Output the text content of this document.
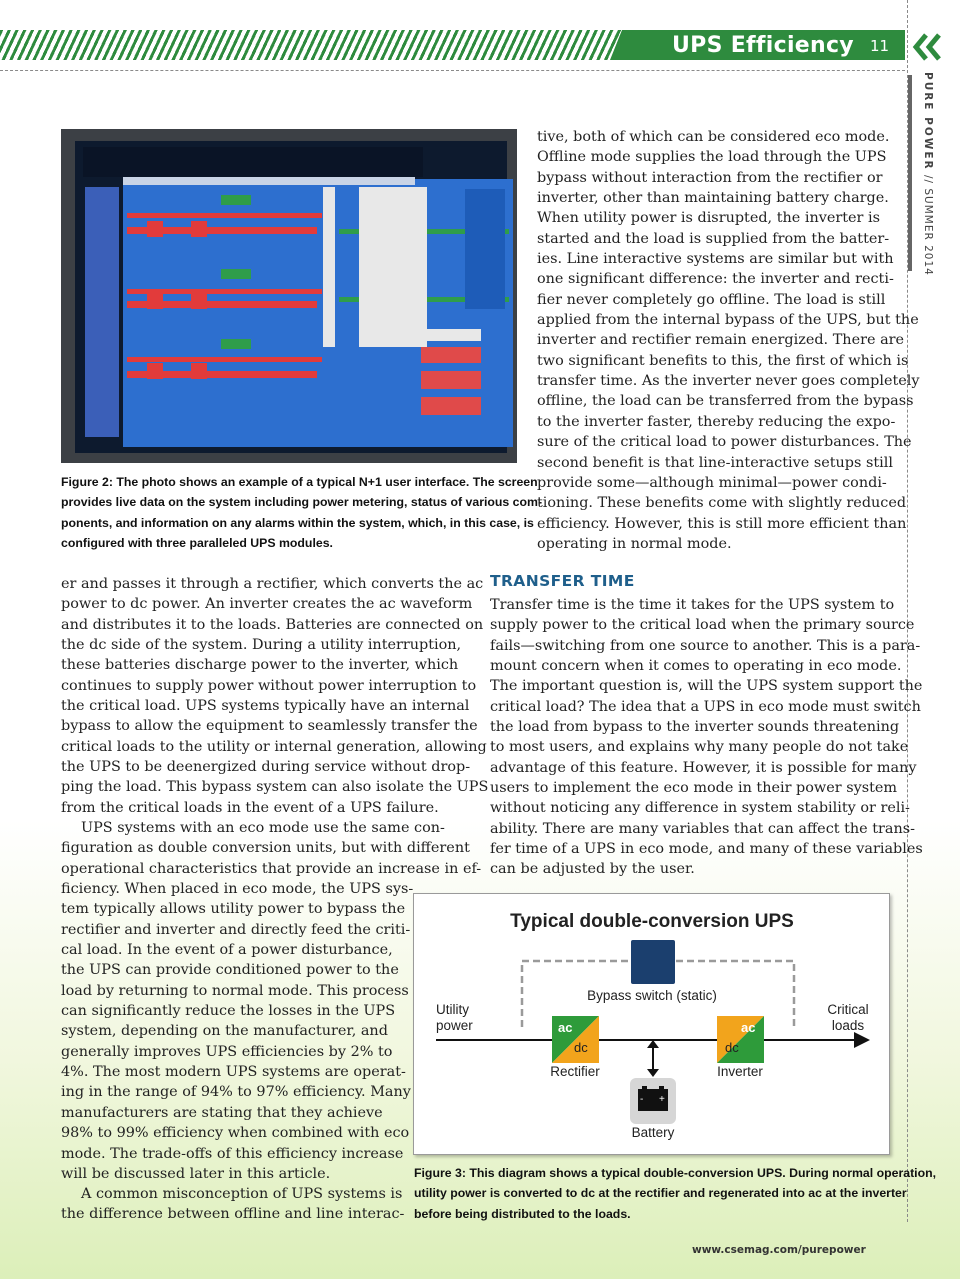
UPS Efficiency 11
PURE POWER // SUMMER 2014
Figure 2: The photo shows an example of a typical N+1 user interface. The screen
provides live data on the system including power metering, status of various com-
ponents, and information on any alarms within the system, which, in this case, is
configured with three paralleled UPS modules.
tive, both of which can be considered eco mode.
Offline mode supplies the load through the UPS
bypass without interaction from the rectifier or
inverter, other than maintaining battery charge.
When utility power is disrupted, the inverter is
started and the load is supplied from the batter-
ies. Line interactive systems are similar but with
one significant difference: the inverter and recti-
fier never completely go offline. The load is still
applied from the internal bypass of the UPS, but the
inverter and rectifier remain energized. There are
two significant benefits to this, the first of which is
transfer time. As the inverter never goes completely
offline, the load can be transferred from the bypass
to the inverter faster, thereby reducing the expo-
sure of the critical load to power disturbances. The
second benefit is that line-interactive setups still
provide some—although minimal—power condi-
tioning. These benefits come with slightly reduced
efficiency. However, this is still more efficient than
operating in normal mode.
er and passes it through a rectifier, which converts the ac
power to dc power. An inverter creates the ac waveform
and distributes it to the loads. Batteries are connected on
the dc side of the system. During a utility interruption,
these batteries discharge power to the inverter, which
continues to supply power without power interruption to
the critical load. UPS systems typically have an internal
bypass to allow the equipment to seamlessly transfer the
critical loads to the utility or internal generation, allowing
the UPS to be deenergized during service without drop-
ping the load. This bypass system can also isolate the UPS
from the critical loads in the event of a UPS failure.
UPS systems with an eco mode use the same con-
figuration as double conversion units, but with different
operational characteristics that provide an increase in ef-
ficiency. When placed in eco mode, the UPS sys-
tem typically allows utility power to bypass the
rectifier and inverter and directly feed the criti-
cal load. In the event of a power disturbance,
the UPS can provide conditioned power to the
load by returning to normal mode. This process
can significantly reduce the losses in the UPS
system, depending on the manufacturer, and
generally improves UPS efficiencies by 2% to
4%. The most modern UPS systems are operat-
ing in the range of 94% to 97% efficiency. Many
manufacturers are stating that they achieve
98% to 99% efficiency when combined with eco
mode. The trade-offs of this efficiency increase
will be discussed later in this article.
A common misconception of UPS systems is
the difference between offline and line interac-
TRANSFER TIME
Transfer time is the time it takes for the UPS system to
supply power to the critical load when the primary source
fails—switching from one source to another. This is a para-
mount concern when it comes to operating in eco mode.
The important question is, will the UPS system support the
critical load? The idea that a UPS in eco mode must switch
the load from bypass to the inverter sounds threatening
to most users, and explains why many people do not take
advantage of this feature. However, it is possible for many
users to implement the eco mode in their power system
without noticing any difference in system stability or reli-
ability. There are many variables that can affect the trans-
fer time of a UPS in eco mode, and many of these variables
can be adjusted by the user.
Typical double-conversion UPS
Bypass switch (static)
Utility
power
Critical
loads
ac
dc
Rectifier
ac
dc
Inverter
- +
Battery
Figure 3: This diagram shows a typical double-conversion UPS. During normal operation,
utility power is converted to dc at the rectifier and regenerated into ac at the inverter
before being distributed to the loads.
www.csemag.com/purepower
